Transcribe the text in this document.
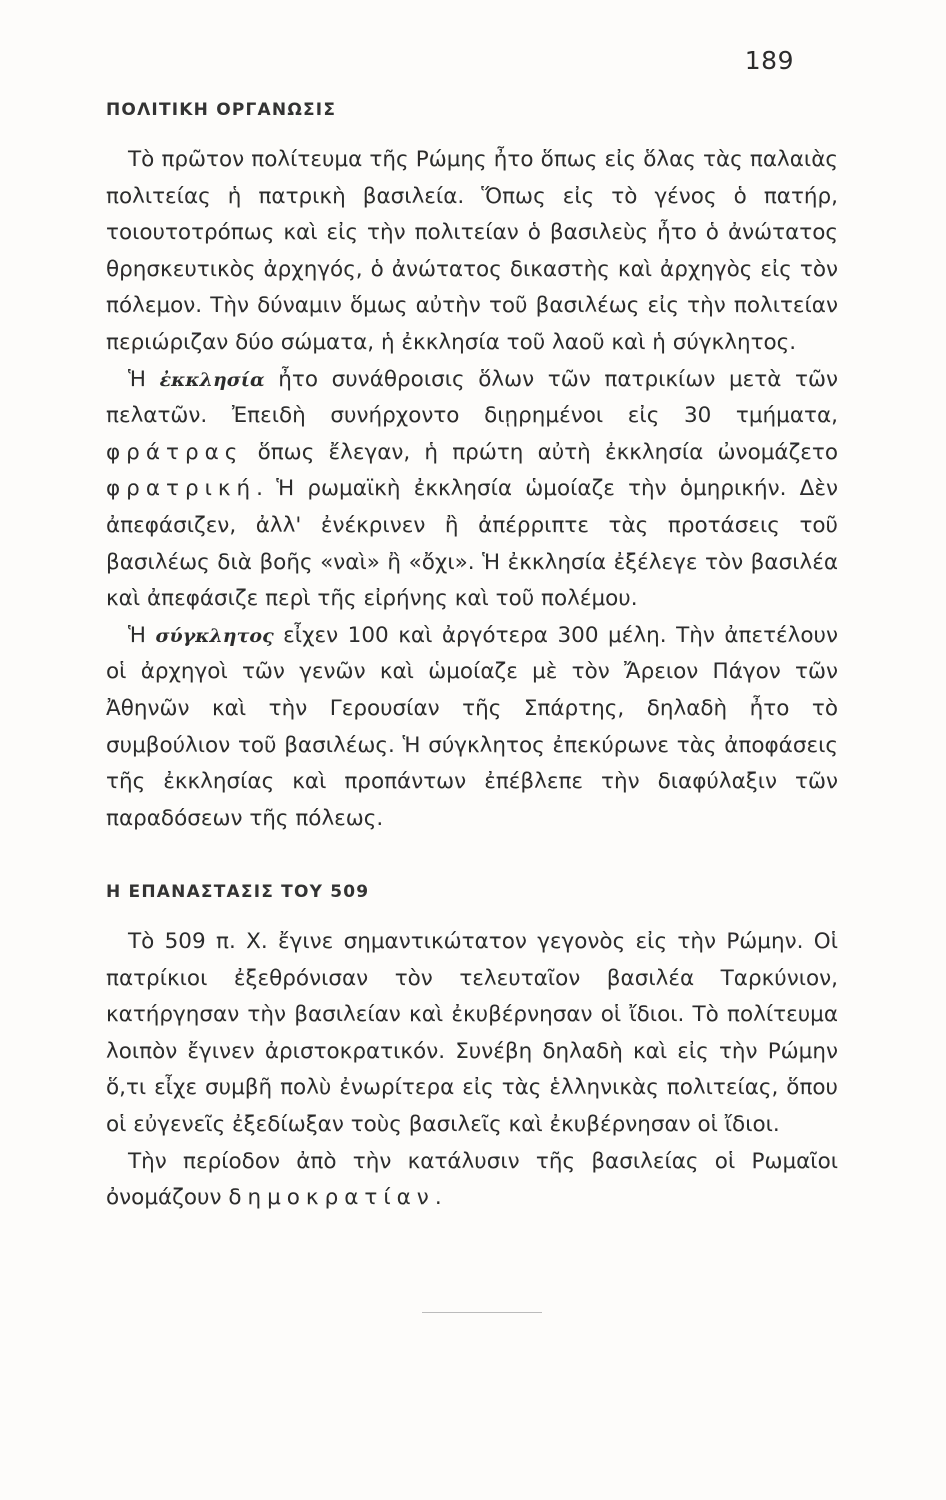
189
ΠΟΛΙΤΙΚΗ ΟΡΓΑΝΩΣΙΣ

Τὸ πρῶτον πολίτευμα τῆς Ρώμης ἦτο ὅπως εἰς ὅλας τὰς παλαιὰς πολιτείας ἡ πατρικὴ βασιλεία. Ὅπως εἰς τὸ γένος ὁ πατήρ, τοιουτοτρόπως καὶ εἰς τὴν πολιτείαν ὁ βασιλεὺς ἦτο ὁ ἀνώτατος θρησκευτικὸς ἀρχηγός, ὁ ἀνώτατος δικαστὴς καὶ ἀρχηγὸς εἰς τὸν πόλεμον. Τὴν δύναμιν ὅμως αὐτὴν τοῦ βασιλέως εἰς τὴν πολιτείαν περιώριζαν δύο σώματα, ἡ ἐκκλησία τοῦ λαοῦ καὶ ἡ σύγκλητος.

Ἡ ἐκκλησία ἦτο συνάθροισις ὅλων τῶν πατρικίων μετὰ τῶν πελατῶν. Ἐπειδὴ συνήρχοντο διῃρημένοι εἰς 30 τμήματα, φράτρας ὅπως ἔλεγαν, ἡ πρώτη αὐτὴ ἐκκλησία ὠνομάζετο φρατρική. Ἡ ρωμαϊκὴ ἐκκλησία ὡμοίαζε τὴν ὁμηρικήν. Δὲν ἀπεφάσιζεν, ἀλλ' ἐνέκρινεν ἢ ἀπέρριπτε τὰς προτάσεις τοῦ βασιλέως διὰ βοῆς «ναὶ» ἢ «ὄχι». Ἡ ἐκκλησία ἐξέλεγε τὸν βασιλέα καὶ ἀπεφάσιζε περὶ τῆς εἰρήνης καὶ τοῦ πολέμου.

Ἡ σύγκλητος εἶχεν 100 καὶ ἀργότερα 300 μέλη. Τὴν ἀπετέλουν οἱ ἀρχηγοὶ τῶν γενῶν καὶ ὡμοίαζε μὲ τὸν Ἄρειον Πάγον τῶν Ἀθηνῶν καὶ τὴν Γερουσίαν τῆς Σπάρτης, δηλαδὴ ἦτο τὸ συμβούλιον τοῦ βασιλέως. Ἡ σύγκλητος ἐπεκύρωνε τὰς ἀποφάσεις τῆς ἐκκλησίας καὶ προπάντων ἐπέβλεπε τὴν διαφύλαξιν τῶν παραδόσεων τῆς πόλεως.

Η ΕΠΑΝΑΣΤΑΣΙΣ ΤΟΥ 509

Τὸ 509 π. Χ. ἔγινε σημαντικώτατον γεγονὸς εἰς τὴν Ρώμην. Οἱ πατρίκιοι ἐξεθρόνισαν τὸν τελευταῖον βασιλέα Ταρκύνιον, κατήργησαν τὴν βασιλείαν καὶ ἐκυβέρνησαν οἱ ἴδιοι. Τὸ πολίτευμα λοιπὸν ἔγινεν ἀριστοκρατικόν. Συνέβη δηλαδὴ καὶ εἰς τὴν Ρώμην ὅ,τι εἶχε συμβῆ πολὺ ἐνωρίτερα εἰς τὰς ἑλληνικὰς πολιτείας, ὅπου οἱ εὐγενεῖς ἐξεδίωξαν τοὺς βασιλεῖς καὶ ἐκυβέρνησαν οἱ ἴδιοι.

Τὴν περίοδον ἀπὸ τὴν κατάλυσιν τῆς βασιλείας οἱ Ρωμαῖοι ὀνομάζουν δημοκρατίαν.
